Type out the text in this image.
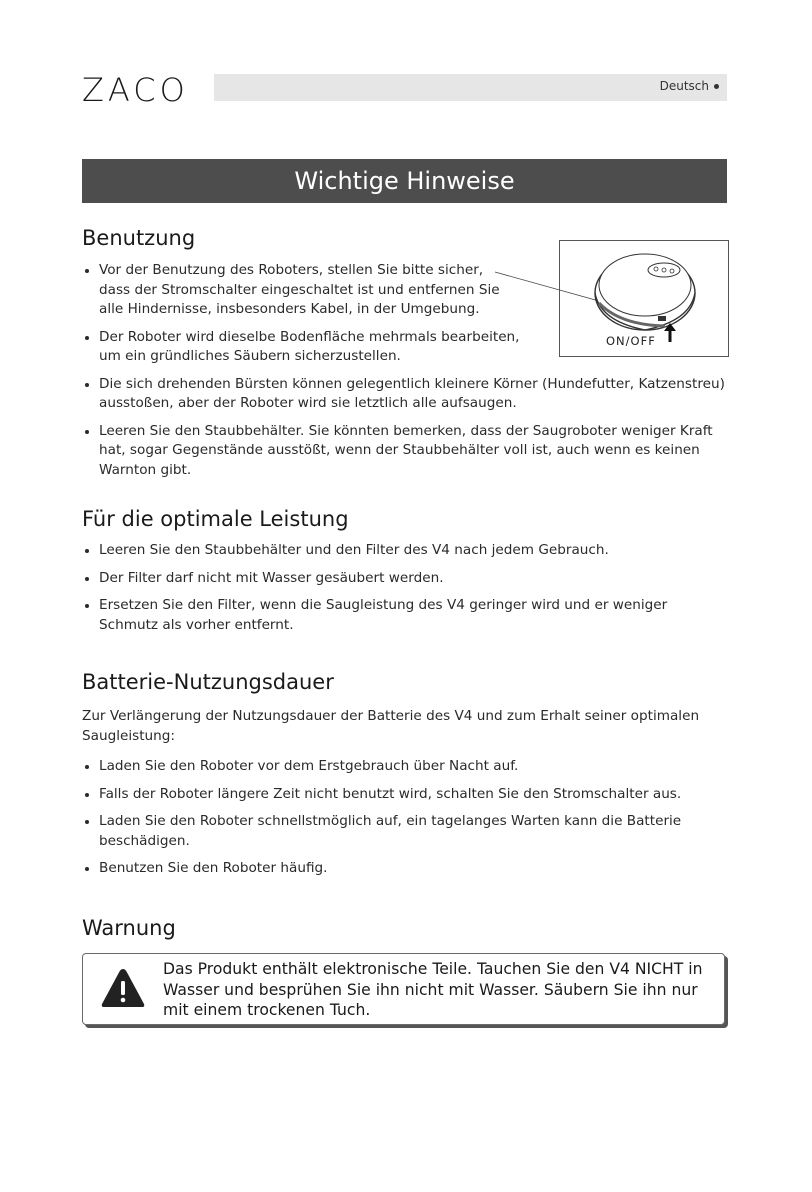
ZACO	Deutsch
Wichtige Hinweise
Benutzung
Vor der Benutzung des Roboters, stellen Sie bitte sicher, dass der Stromschalter eingeschaltet ist und entfernen Sie alle Hindernisse, insbesonders Kabel, in der Umgebung.
Der Roboter wird dieselbe Bodenfläche mehrmals bearbeiten, um ein gründliches Säubern sicherzustellen.
Die sich drehenden Bürsten können gelegentlich kleinere Körner (Hundefutter, Katzenstreu) ausstoßen, aber der Roboter wird sie letztlich alle aufsaugen.
Leeren Sie den Staubbehälter. Sie könnten bemerken, dass der Saugroboter weniger Kraft hat, sogar Gegenstände ausstößt, wenn der Staubbehälter voll ist, auch wenn es keinen Warnton gibt.
ON/OFF
Für die optimale Leistung
Leeren Sie den Staubbehälter und den Filter des V4 nach jedem Gebrauch.
Der Filter darf nicht mit Wasser gesäubert werden.
Ersetzen Sie den Filter, wenn die Saugleistung des V4 geringer wird und er weniger Schmutz als vorher entfernt.
Batterie-Nutzungsdauer
Zur Verlängerung der Nutzungsdauer der Batterie des V4 und zum Erhalt seiner optimalen Saugleistung:
Laden Sie den Roboter vor dem Erstgebrauch über Nacht auf.
Falls der Roboter längere Zeit nicht benutzt wird, schalten Sie den Stromschalter aus.
Laden Sie den Roboter schnellstmöglich auf, ein tagelanges Warten kann die Batterie beschädigen.
Benutzen Sie den Roboter häufig.
Warnung
Das Produkt enthält elektronische Teile. Tauchen Sie den V4 NICHT in Wasser und besprühen Sie ihn nicht mit Wasser. Säubern Sie ihn nur mit einem trockenen Tuch.
